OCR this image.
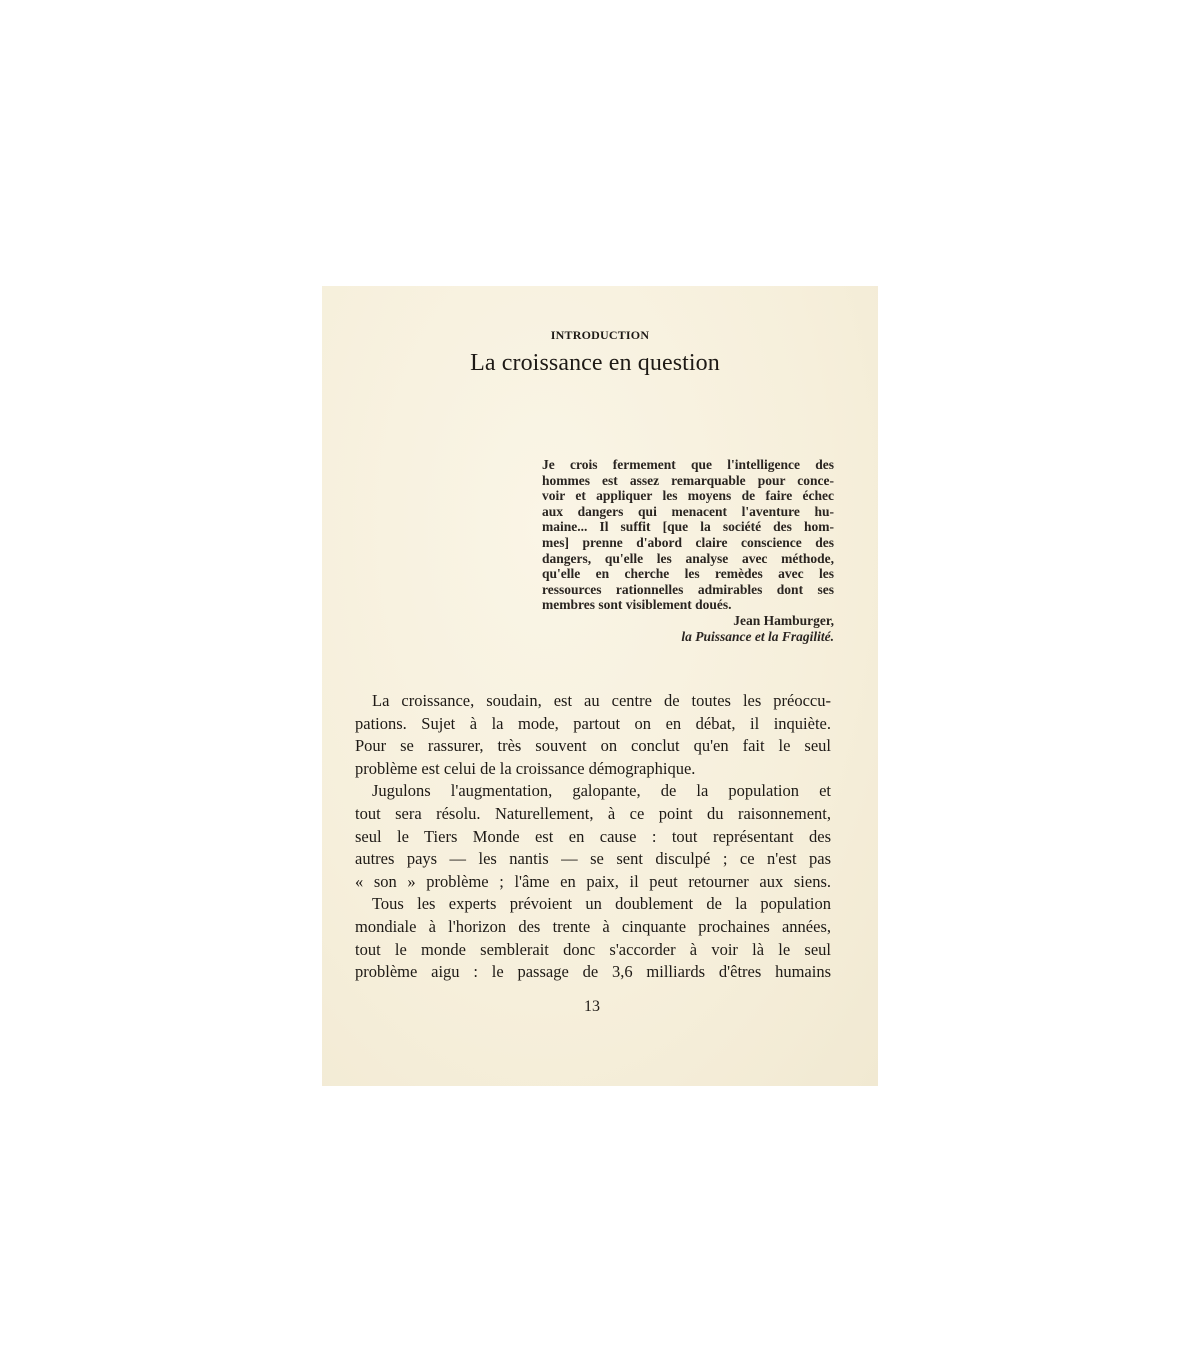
INTRODUCTION
La croissance en question
Je crois fermement que l'intelligence des
hommes est assez remarquable pour conce-
voir et appliquer les moyens de faire échec
aux dangers qui menacent l'aventure hu-
maine... Il suffit [que la société des hom-
mes] prenne d'abord claire conscience des
dangers, qu'elle les analyse avec méthode,
qu'elle en cherche les remèdes avec les
ressources rationnelles admirables dont ses
membres sont visiblement doués.
Jean Hamburger,
la Puissance et la Fragilité.
La croissance, soudain, est au centre de toutes les préoccu-
pations. Sujet à la mode, partout on en débat, il inquiète.
Pour se rassurer, très souvent on conclut qu'en fait le seul
problème est celui de la croissance démographique.
Jugulons l'augmentation, galopante, de la population et
tout sera résolu. Naturellement, à ce point du raisonnement,
seul le Tiers Monde est en cause : tout représentant des
autres pays — les nantis — se sent disculpé ; ce n'est pas
« son » problème ; l'âme en paix, il peut retourner aux siens.
Tous les experts prévoient un doublement de la population
mondiale à l'horizon des trente à cinquante prochaines années,
tout le monde semblerait donc s'accorder à voir là le seul
problème aigu : le passage de 3,6 milliards d'êtres humains
13
